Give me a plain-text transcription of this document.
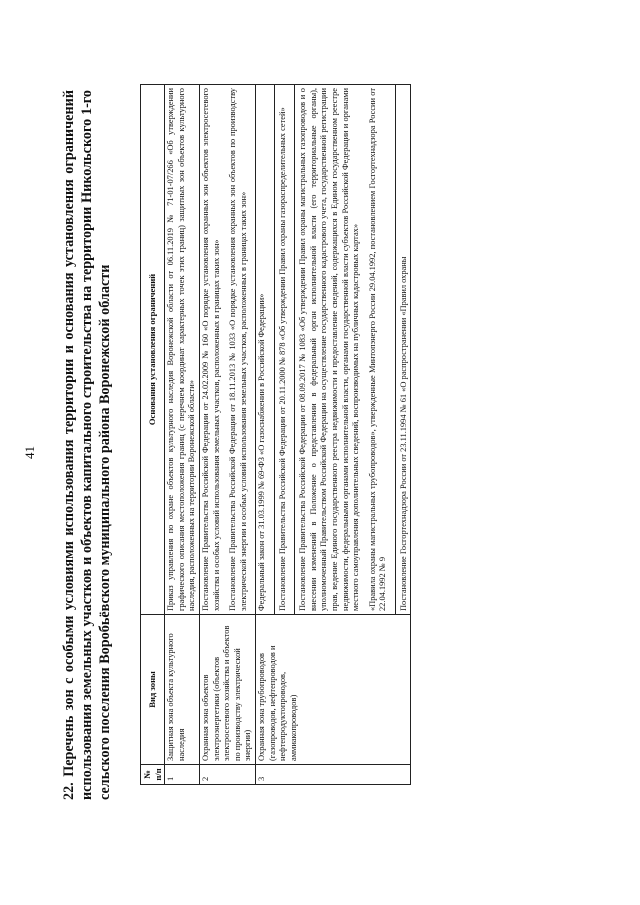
41 22. Перечень зон с особыми условиями использования территории и основания установления ограничений использования земельных участков и объектов капитального строительства на территории Никольского 1-го сельского поселения Воробьёвского муниципального района Воронежской области	№ п/п	Вид зоны	Основания установления ограничений
1	Защитная зона объекта культурного наследия	Приказ управления по охране объектов культурного наследия Воронежской области от 06.11.2019 № 71-01-07/266 «Об утверждении графического описания местоположения границ (с перечнем координат характерных точек этих границ) защитных зон объектов культурного наследия, расположенных на территории Воронежской области»

2	Охранная зона объектов электроэнергетики (объектов электросетевого хозяйства и объектов по производству электрической энергии)	Постановление Правительства Российской Федерации от 24.02.2009 № 160 «О порядке установления охранных зон объектов электросетевого хозяйства и особых условий использования земельных участков, расположенных в границах таких зон» Постановление Правительства Российской Федерации от 18.11.2013 № 1033 «О порядке установления охранных зон объектов по производству электрической энергии и особых условий использования земельных участков, расположенных в границах таких зон»

3	Охранная зона трубопроводов (газопроводов, нефтепроводов и нефтепродуктопроводов, аммиакопроводов)	Федеральный закон от 31.03.1999 № 69-ФЗ «О газоснабжении в Российской Федерации» Постановление Правительства Российской Федерации от 20.11.2000 № 878 «Об утверждении Правил охраны газораспределительных сетей» Постановление Правительства Российской Федерации от 08.09.2017 № 1083 «Об утверждении Правил охраны магистральных газопроводов и о внесении изменений в Положение о представлении в федеральный орган исполнительной власти (его территориальные органы), уполномоченный Правительством Российской Федерации на осуществление государственного кадастрового учета, государственной регистрации прав, ведение Единого государственного реестра недвижимости и предоставление сведений, содержащихся в Едином государственном реестре недвижимости, федеральными органами исполнительной власти, органами государственной власти субъектов Российской Федерации и органами местного самоуправления дополнительных сведений, воспроизводимых на публичных кадастровых картах» «Правила охраны магистральных трубопроводов», утвержденные Минтопэнерго России 29.04.1992, постановлением Госгортехнадзора России от 22.04.1992 № 9 Постановление Госгортехнадзора России от 23.11.1994 № 61 «О распространении «Правил охраны
